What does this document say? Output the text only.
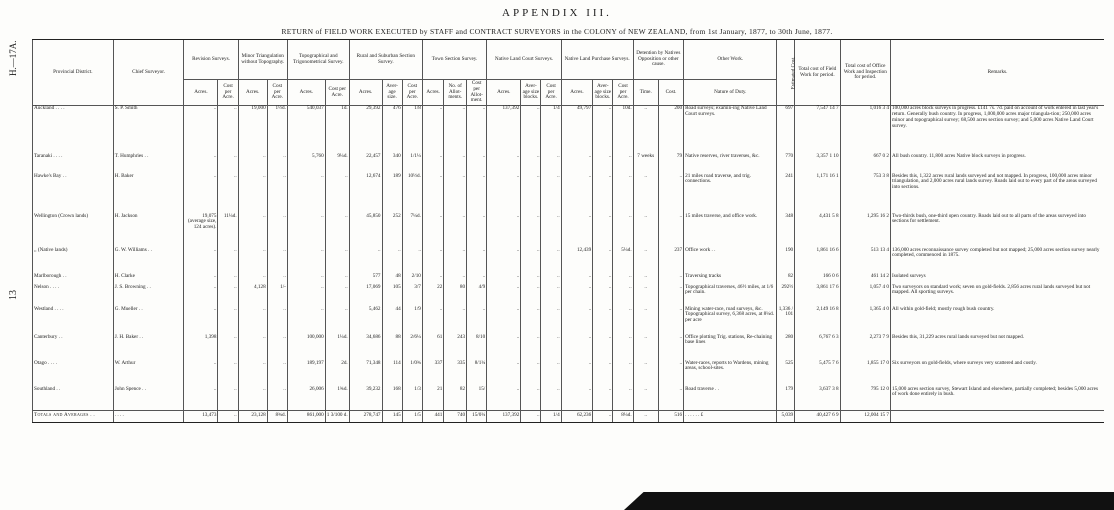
H.—17A.
13
APPENDIX III.
RETURN of FIELD WORK EXECUTED by STAFF and CONTRACT SURVEYORS in the COLONY of NEW ZEALAND, from 1st January, 1877, to 30th June, 1877.
Provincial District.	Chief Surveyor.	Revision Surveys.		Minor Triangulation without Topography.		Topographical and Trigonometrical Survey.		Rural and Suburban Section Survey.			Town Section Survey.			Native Land Court Surveys.			Native Land Purchase Surveys.			Detention by Natives Opposition or other cause.		Other Work.	Estimated Cost.	Total cost of Field Work for period.	Total cost of Office Work and Inspection for period.	Remarks.
		Acres.	Cost per Acre.	Acres.	Cost per Acre.	Acres.	Cost per Acre.	Acres.	Aver-age size.	Cost per Acre.	Acres.	No. of Allot-ments.	Cost per Allot-ment.	Acres.	Aver-age size blocks.	Cost per Acre.	Acres.	Aver-age size blocks.	Cost per Acre.	Time.	Cost.	Nature of Duty.				
Auckland . . . .	S. P. Smith	..	..	19,000	1½d.	540,037	1d.	29,392	476	1/8	..	..	..	137,392	..	1/4	49,797	..	10d.	..	200	Road surveys; examin-ing Native Land Court surveys.	697	7,547 14 7	1,016 3 4	100,000 acres block surveys in progress. £141 7s. 7d. paid on account of work entered in last year's return. Generally bush country. In progress, 1,000,000 acres major triangula-tion; 250,000 acres minor and topographical survey; 68,500 acres section survey; and 5,000 acres Native Land Court survey.
Taranaki . . . .	T. Humphries . .	..	..	..	..	5,760	9¼d.	22,457	340	1/1¼	..	..	..	..	..	..	..	..	..	7 weeks	79	Native reserves, river traverses, &c.	770	3,357 1 10	667 0 2	All bush country. 11,800 acres Native block surveys in progress.
Hawke's Bay . .	H. Baker	..	..	..	..	..	..	12,674	189	10½d.	..	..	..	..	..	..	..	..	..	..	..	21 miles road traverse, and trig. connections.	241	1,171 16 1	753 3 8	Besides this, 1,322 acres rural lands surveyed and not mapped. In progress, 100,000 acres minor triangulation, and 2,000 acres rural lands survey. Roads laid out to every part of the areas surveyed into sections.
Wellington (Crown lands)	H. Jackson	19,075 (average size, 124 acres).	11¼d.	..	..	..	..	45,850	252	7¼d.	..	..	..	..	..	..	..	..	..	..	..	15 miles traverse, and office work.	348	4,431 5 8	1,295 16 2	Two-thirds bush, one-third open country. Roads laid out to all parts of the areas surveyed into sections for settlement.
,, (Native lands)	G. W. Williams . .	..	..	..	..	..	..	..	..	..	..	..	..	..	..	..	12,439	..	5¼d.	..	237	Office work . .	190	1,861 16 6	513 13 4	136,000 acres reconnaissance survey completed but not mapped; 25,000 acres section survey nearly completed, commenced in 1875.
Marlborough . .	H. Clarke	..	..	..	..	..	..	577	48	2/10	..	..	..	..	..	..	..	..	..	..	..	Traversing tracks	82	166 0 6	461 14 2	Isolated surveys
Nelson . . . .	J. S. Browning . .	..	..	4,128	1/-	..	..	17,069	105	3/7	22	80	4/9	..	..	..	..	..	..	..	..	Topographical traverses, 46½ miles, at 1/6 per chain.	292½	3,861 17 6	1,057 4 0	Two surveyors on standard work; seven on gold-fields. 2,856 acres rural lands surveyed but not mapped. All sporting surveys.
Westland . . . .	G. Mueller . .	..	..	..	..	..	..	5,462	44	1/9	..	..	..	..	..	..	..	..	..	..	..	Mining water-race, road surveys, &c. Topographical survey, 6,368 acres, at 8¼d. per acre	1,336 / 101	2,149 16 8	1,365 4 0	All within gold-field; mostly rough bush country.
Canterbury . .	J. H. Baker . .	1,398	..	..	..	100,000	1¼d.	34,686	88	2/6¼	61	243	8/10	..	..	..	..	..	..	..	..	Office plotting Trig. stations, Re-chaining base lines	280	6,767 6 3	2,273 7 9	Besides this, 31,229 acres rural lands surveyed but not mapped.
Otago . . . .	W. Arthur	..	..	..	..	189,197	2d.	71,348	114	1/0¾	337	335	8/1¼	..	..	..	..	..	..	..	..	Water-races, reports to Wardens, mining areas, school-sites.	525	5,475 7 6	1,855 17 0	Six surveyors on gold-fields, where surveys very scattered and costly.
Southland . .	John Spence . .	..	..	..	..	26,006	1¾d.	39,232	168	1/3	21	82	15/	..	..	..	..	..	..	..	..	Road traverse . .	179	3,637 3 8	795 12 0	15,000 acres section survey, Stewart Island and elsewhere, partially completed; besides 5,000 acres of work done entirely in bush.
Totals and Averages . .	. . . .	13,473	..	23,128	8¾d.	861,000	1 3/100 d.	278,747	145	1/5	441	740	15/0¼	137,392	..	1/4	62,236	..	8¼d.	..	516	. . . . . . £	5,039	40,427 6 9	12,004 15 7	
